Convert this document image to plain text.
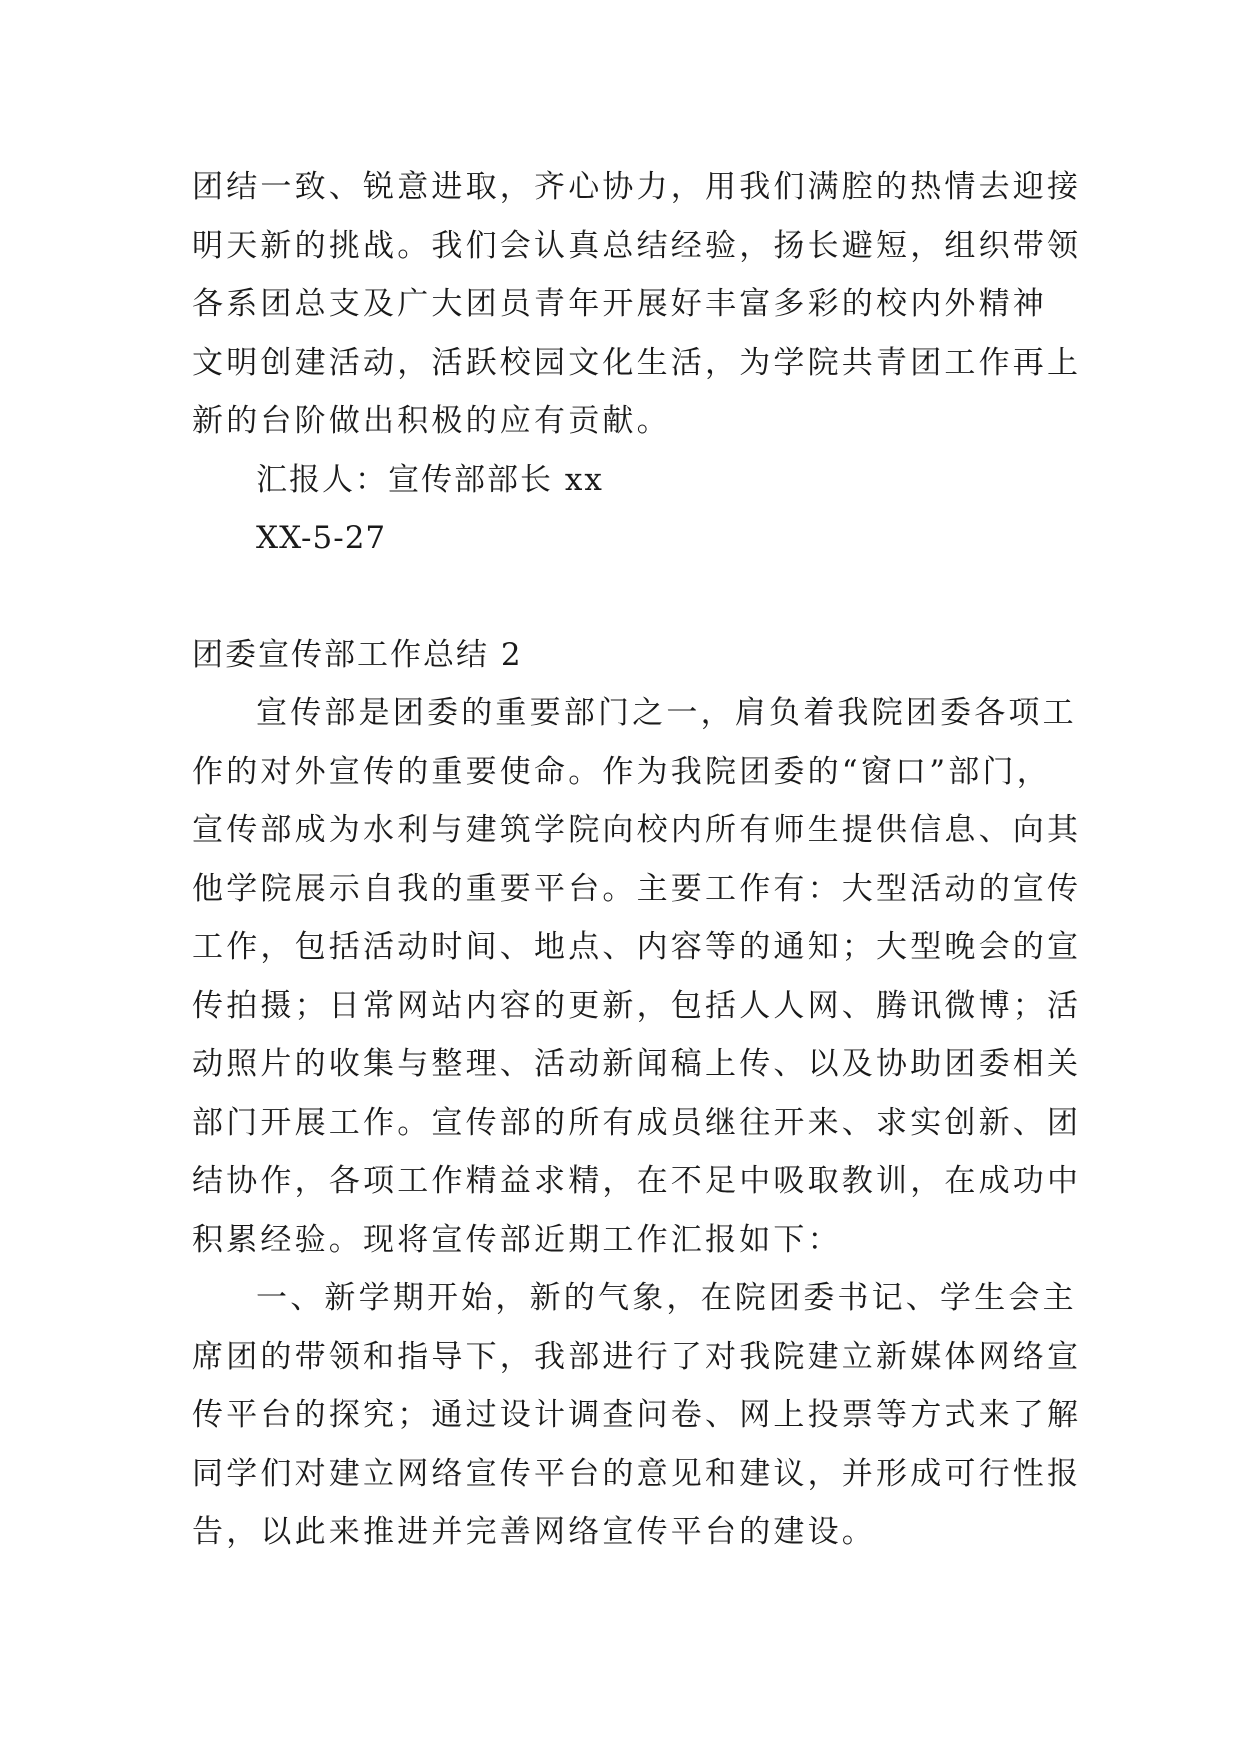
团结一致、锐意进取，齐心协力，用我们满腔的热情去迎接
明天新的挑战。我们会认真总结经验，扬长避短，组织带领
各系团总支及广大团员青年开展好丰富多彩的校内外精神
文明创建活动，活跃校园文化生活，为学院共青团工作再上
新的台阶做出积极的应有贡献。
汇报人：宣传部部长 xx
XX-5-27
团委宣传部工作总结 2
宣传部是团委的重要部门之一，肩负着我院团委各项工
作的对外宣传的重要使命。作为我院团委的“窗口”部门，
宣传部成为水利与建筑学院向校内所有师生提供信息、向其
他学院展示自我的重要平台。主要工作有：大型活动的宣传
工作，包括活动时间、地点、内容等的通知；大型晚会的宣
传拍摄；日常网站内容的更新，包括人人网、腾讯微博；活
动照片的收集与整理、活动新闻稿上传、以及协助团委相关
部门开展工作。宣传部的所有成员继往开来、求实创新、团
结协作，各项工作精益求精，在不足中吸取教训，在成功中
积累经验。现将宣传部近期工作汇报如下：
一、新学期开始，新的气象，在院团委书记、学生会主
席团的带领和指导下，我部进行了对我院建立新媒体网络宣
传平台的探究；通过设计调查问卷、网上投票等方式来了解
同学们对建立网络宣传平台的意见和建议，并形成可行性报
告，以此来推进并完善网络宣传平台的建设。
